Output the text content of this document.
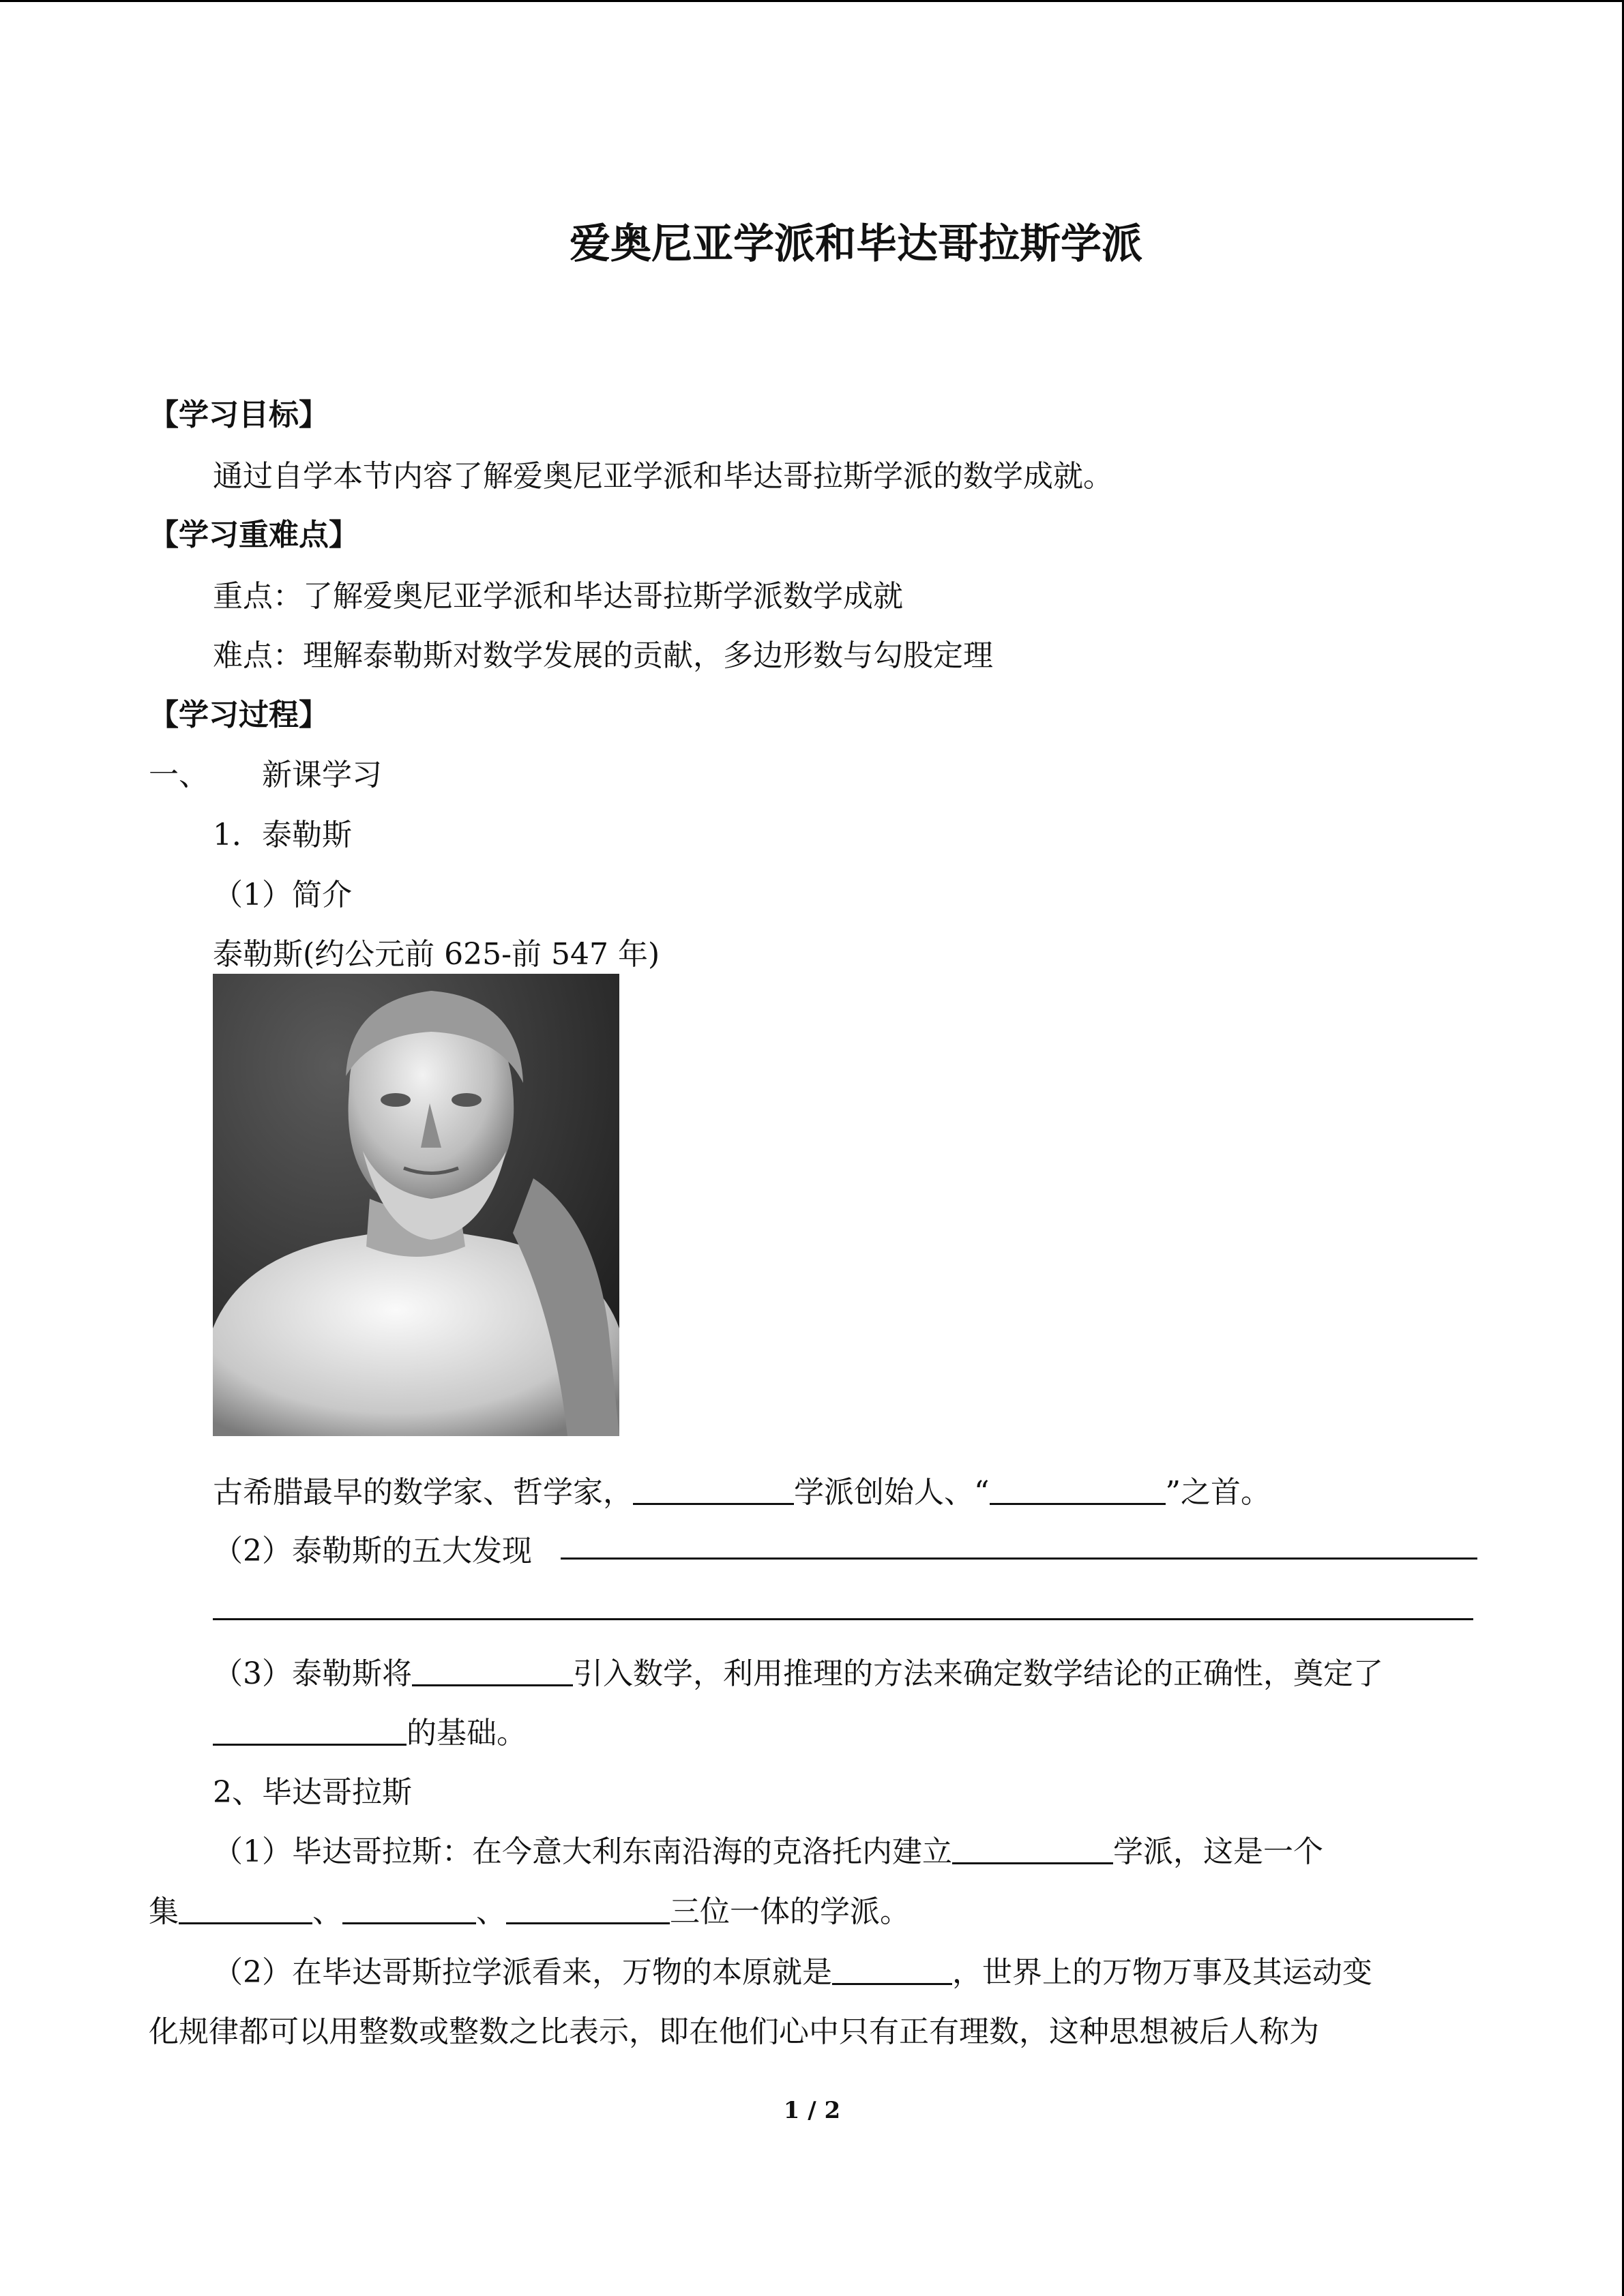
爱奥尼亚学派和毕达哥拉斯学派
【学习目标】
通过自学本节内容了解爱奥尼亚学派和毕达哥拉斯学派的数学成就。
【学习重难点】
重点：了解爱奥尼亚学派和毕达哥拉斯学派数学成就
难点：理解泰勒斯对数学发展的贡献，多边形数与勾股定理
【学习过程】
一、 新课学习
1．泰勒斯
（1）简介
泰勒斯(约公元前 625-前 547 年)
古希腊最早的数学家、哲学家，	学派创始人、“	”之首。
（2）泰勒斯的五大发现
（3）泰勒斯将	引入数学，利用推理的方法来确定数学结论的正确性，奠定了
的基础。
2、毕达哥拉斯
（1）毕达哥拉斯：在今意大利东南沿海的克洛托内建立	学派，这是一个
集	、	、	三位一体的学派。
（2）在毕达哥斯拉学派看来，万物的本原就是	，世界上的万物万事及其运动变
化规律都可以用整数或整数之比表示，即在他们心中只有正有理数，这种思想被后人称为
1 / 2
